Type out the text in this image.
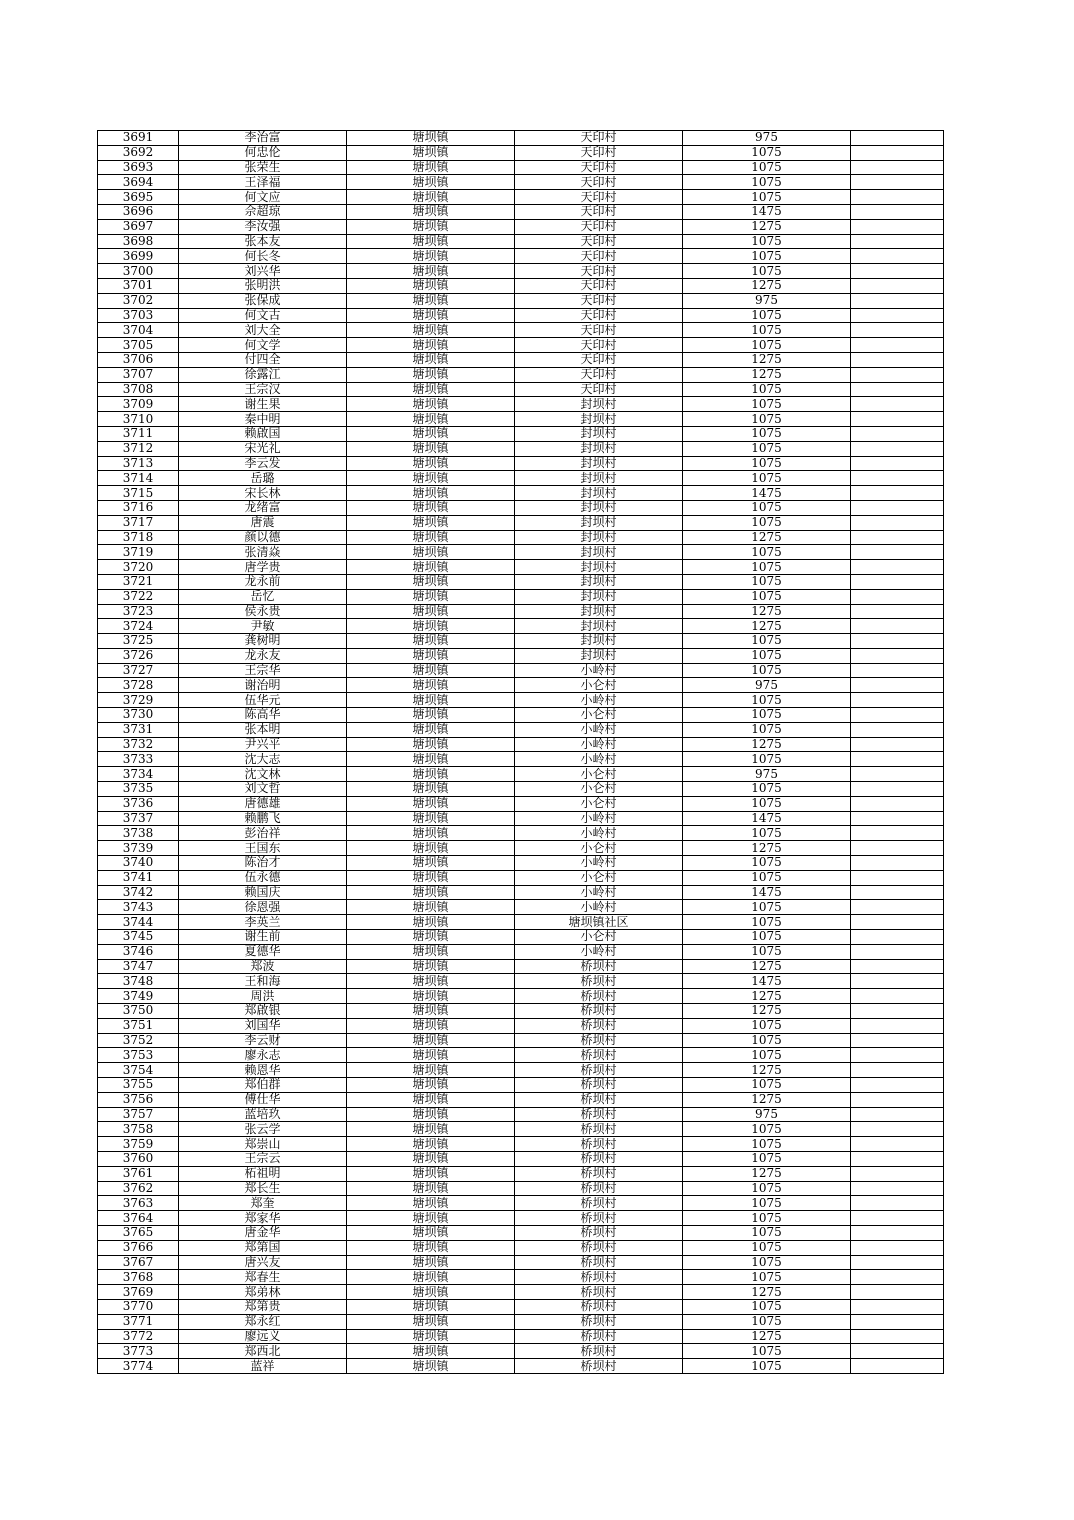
3691	李治富	塘坝镇	天印村	975	
3692	何忠伦	塘坝镇	天印村	1075	
3693	张荣生	塘坝镇	天印村	1075	
3694	王泽福	塘坝镇	天印村	1075	
3695	何文应	塘坝镇	天印村	1075	
3696	佘超琼	塘坝镇	天印村	1475	
3697	李汝强	塘坝镇	天印村	1275	
3698	张本友	塘坝镇	天印村	1075	
3699	何长冬	塘坝镇	天印村	1075	
3700	刘兴华	塘坝镇	天印村	1075	
3701	张明洪	塘坝镇	天印村	1275	
3702	张保成	塘坝镇	天印村	975	
3703	何文古	塘坝镇	天印村	1075	
3704	刘大全	塘坝镇	天印村	1075	
3705	何文学	塘坝镇	天印村	1075	
3706	付四全	塘坝镇	天印村	1275	
3707	徐露江	塘坝镇	天印村	1275	
3708	王宗汉	塘坝镇	天印村	1075	
3709	谢生果	塘坝镇	封坝村	1075	
3710	秦中明	塘坝镇	封坝村	1075	
3711	赖啟国	塘坝镇	封坝村	1075	
3712	宋光礼	塘坝镇	封坝村	1075	
3713	李云发	塘坝镇	封坝村	1075	
3714	岳璐	塘坝镇	封坝村	1075	
3715	宋长林	塘坝镇	封坝村	1475	
3716	龙绪富	塘坝镇	封坝村	1075	
3717	唐震	塘坝镇	封坝村	1075	
3718	颜以德	塘坝镇	封坝村	1275	
3719	张清焱	塘坝镇	封坝村	1075	
3720	唐学贵	塘坝镇	封坝村	1075	
3721	龙永前	塘坝镇	封坝村	1075	
3722	岳忆	塘坝镇	封坝村	1075	
3723	侯永贵	塘坝镇	封坝村	1275	
3724	尹敏	塘坝镇	封坝村	1275	
3725	龚树明	塘坝镇	封坝村	1075	
3726	龙永友	塘坝镇	封坝村	1075	
3727	王宗华	塘坝镇	小岭村	1075	
3728	谢治明	塘坝镇	小仑村	975	
3729	伍华元	塘坝镇	小岭村	1075	
3730	陈高华	塘坝镇	小仑村	1075	
3731	张本明	塘坝镇	小岭村	1075	
3732	尹兴平	塘坝镇	小岭村	1275	
3733	沈大志	塘坝镇	小岭村	1075	
3734	沈文林	塘坝镇	小仑村	975	
3735	刘文哲	塘坝镇	小仑村	1075	
3736	唐德雄	塘坝镇	小仑村	1075	
3737	赖鹏飞	塘坝镇	小岭村	1475	
3738	彭治祥	塘坝镇	小岭村	1075	
3739	王国东	塘坝镇	小仑村	1275	
3740	陈治才	塘坝镇	小岭村	1075	
3741	伍永德	塘坝镇	小仑村	1075	
3742	赖国庆	塘坝镇	小岭村	1475	
3743	徐恩强	塘坝镇	小岭村	1075	
3744	李英兰	塘坝镇	塘坝镇社区	1075	
3745	谢生前	塘坝镇	小仑村	1075	
3746	夏德华	塘坝镇	小岭村	1075	
3747	郑波	塘坝镇	桥坝村	1275	
3748	王和海	塘坝镇	桥坝村	1475	
3749	周洪	塘坝镇	桥坝村	1275	
3750	郑啟银	塘坝镇	桥坝村	1275	
3751	刘国华	塘坝镇	桥坝村	1075	
3752	李云财	塘坝镇	桥坝村	1075	
3753	廖永志	塘坝镇	桥坝村	1075	
3754	赖恩华	塘坝镇	桥坝村	1275	
3755	郑伯群	塘坝镇	桥坝村	1075	
3756	傅仕华	塘坝镇	桥坝村	1275	
3757	蓝培玖	塘坝镇	桥坝村	975	
3758	张云学	塘坝镇	桥坝村	1075	
3759	郑崇山	塘坝镇	桥坝村	1075	
3760	王宗云	塘坝镇	桥坝村	1075	
3761	柘祖明	塘坝镇	桥坝村	1275	
3762	郑长生	塘坝镇	桥坝村	1075	
3763	郑奎	塘坝镇	桥坝村	1075	
3764	郑家华	塘坝镇	桥坝村	1075	
3765	唐金华	塘坝镇	桥坝村	1075	
3766	郑第国	塘坝镇	桥坝村	1075	
3767	唐兴友	塘坝镇	桥坝村	1075	
3768	郑春生	塘坝镇	桥坝村	1075	
3769	郑弟林	塘坝镇	桥坝村	1275	
3770	郑第贵	塘坝镇	桥坝村	1075	
3771	郑永红	塘坝镇	桥坝村	1075	
3772	廖远义	塘坝镇	桥坝村	1275	
3773	郑西北	塘坝镇	桥坝村	1075	
3774	蓝祥	塘坝镇	桥坝村	1075	
